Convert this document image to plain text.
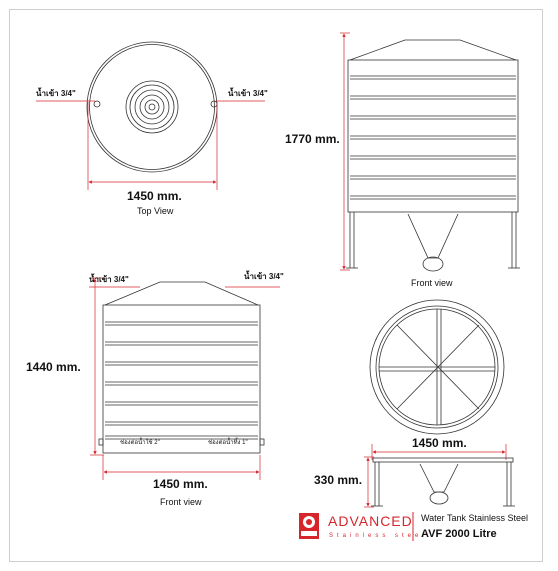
น้ำเข้า 3/4"	น้ำเข้า 3/4"
1450 mm.
Top View
1770 mm.
Front view
น้ำเข้า 3/4"	น้ำเข้า 3/4"
1440 mm.
ช่องต่อน้ำใช้ 2"	ช่องต่อน้ำทิ้ง 1"
1450 mm.
Front view
1450 mm.
330 mm.
ADVANCED
Stainless steel
Water Tank Stainless Steel
AVF 2000 Litre
